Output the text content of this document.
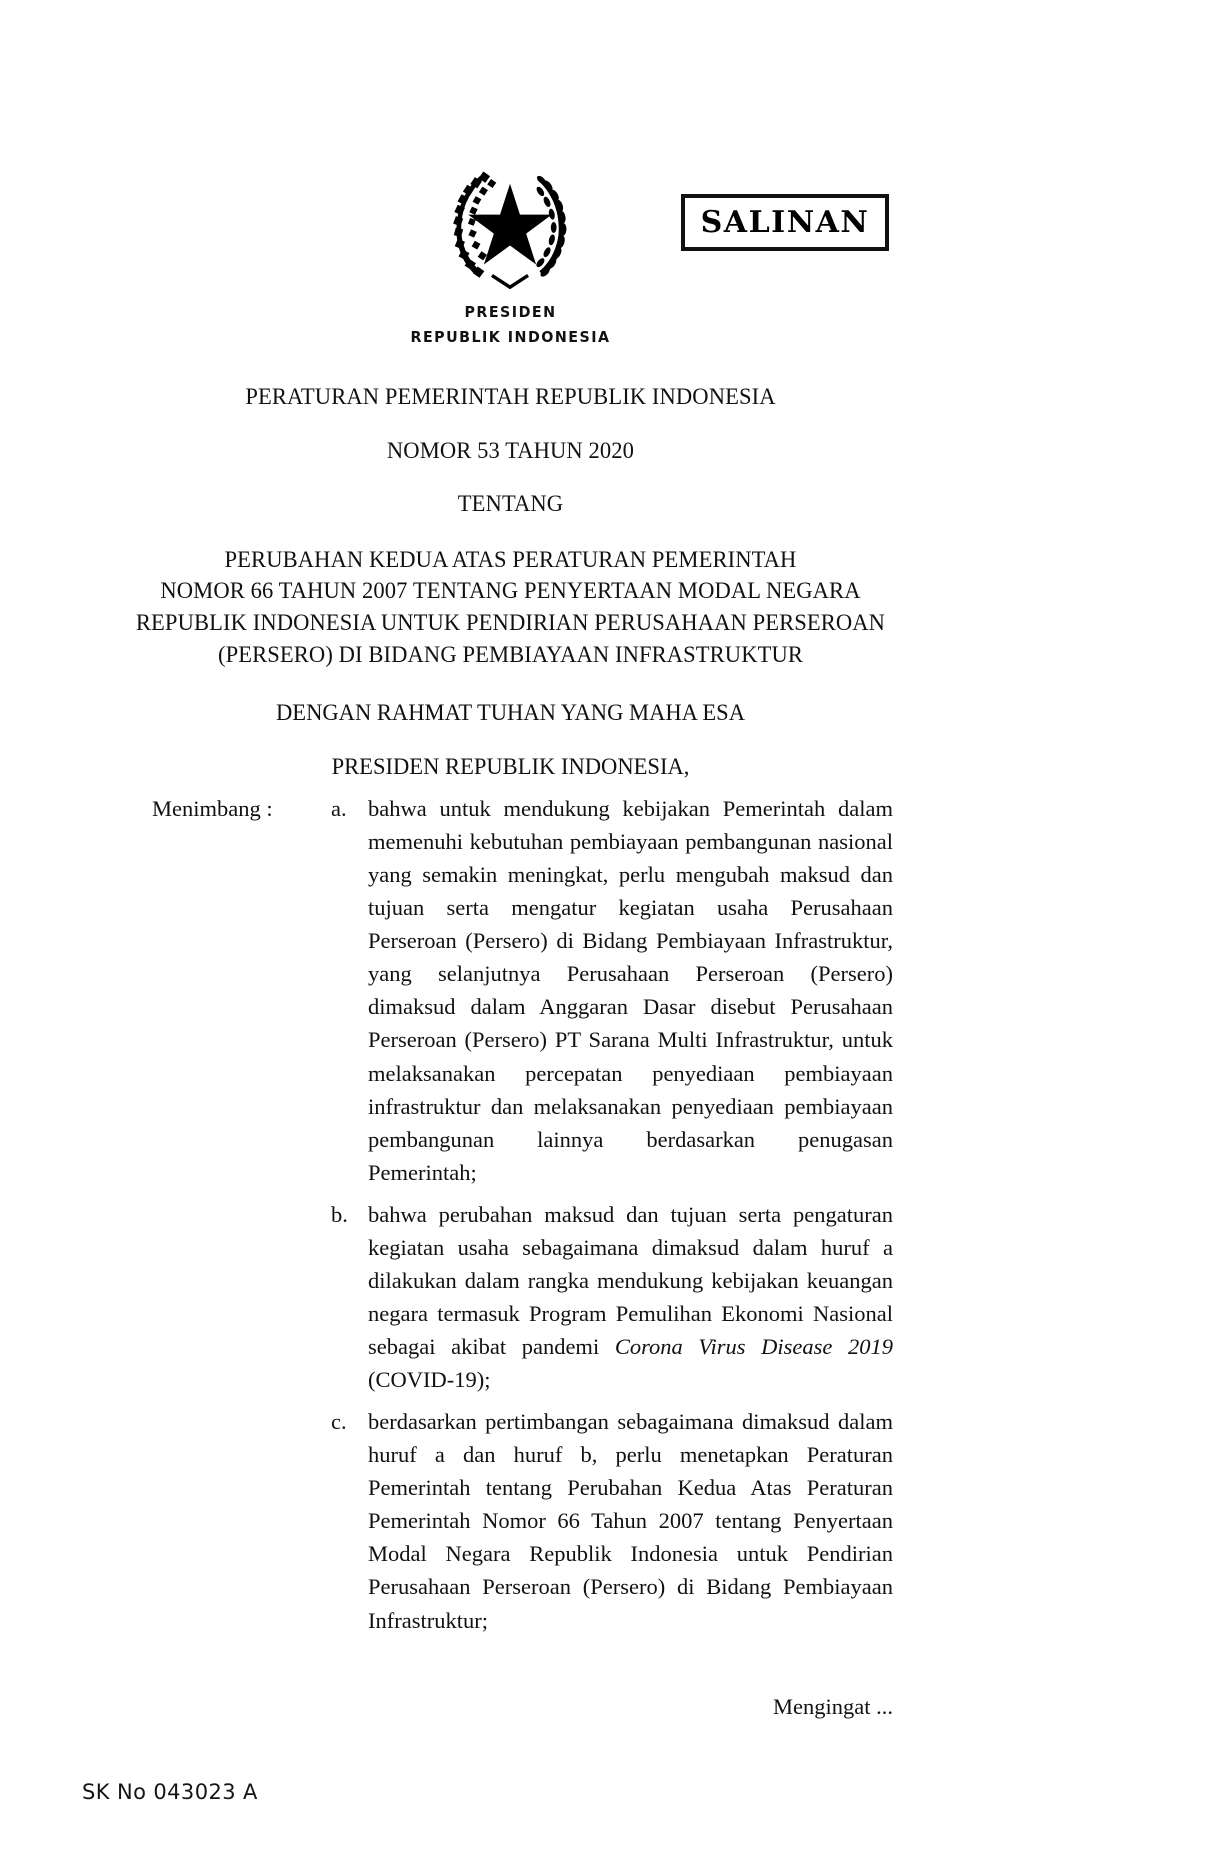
SALINAN
PRESIDEN
REPUBLIK INDONESIA
PERATURAN PEMERINTAH REPUBLIK INDONESIA
NOMOR 53 TAHUN 2020
TENTANG
PERUBAHAN KEDUA ATAS PERATURAN PEMERINTAH
NOMOR 66 TAHUN 2007 TENTANG PENYERTAAN MODAL NEGARA
REPUBLIK INDONESIA UNTUK PENDIRIAN PERUSAHAAN PERSEROAN
(PERSERO) DI BIDANG PEMBIAYAAN INFRASTRUKTUR
DENGAN RAHMAT TUHAN YANG MAHA ESA
PRESIDEN REPUBLIK INDONESIA,
Menimbang :	a. bahwa untuk mendukung kebijakan Pemerintah dalam memenuhi kebutuhan pembiayaan pembangunan nasional yang semakin meningkat, perlu mengubah maksud dan tujuan serta mengatur kegiatan usaha Perusahaan Perseroan (Persero) di Bidang Pembiayaan Infrastruktur, yang selanjutnya Perusahaan Perseroan (Persero) dimaksud dalam Anggaran Dasar disebut Perusahaan Perseroan (Persero) PT Sarana Multi Infrastruktur, untuk melaksanakan percepatan penyediaan pembiayaan infrastruktur dan melaksanakan penyediaan pembiayaan pembangunan lainnya berdasarkan penugasan Pemerintah;
b. bahwa perubahan maksud dan tujuan serta pengaturan kegiatan usaha sebagaimana dimaksud dalam huruf a dilakukan dalam rangka mendukung kebijakan keuangan negara termasuk Program Pemulihan Ekonomi Nasional sebagai akibat pandemi Corona Virus Disease 2019 (COVID-19);
c. berdasarkan pertimbangan sebagaimana dimaksud dalam huruf a dan huruf b, perlu menetapkan Peraturan Pemerintah tentang Perubahan Kedua Atas Peraturan Pemerintah Nomor 66 Tahun 2007 tentang Penyertaan Modal Negara Republik Indonesia untuk Pendirian Perusahaan Perseroan (Persero) di Bidang Pembiayaan Infrastruktur;
Mengingat ...
SK No 043023 A
